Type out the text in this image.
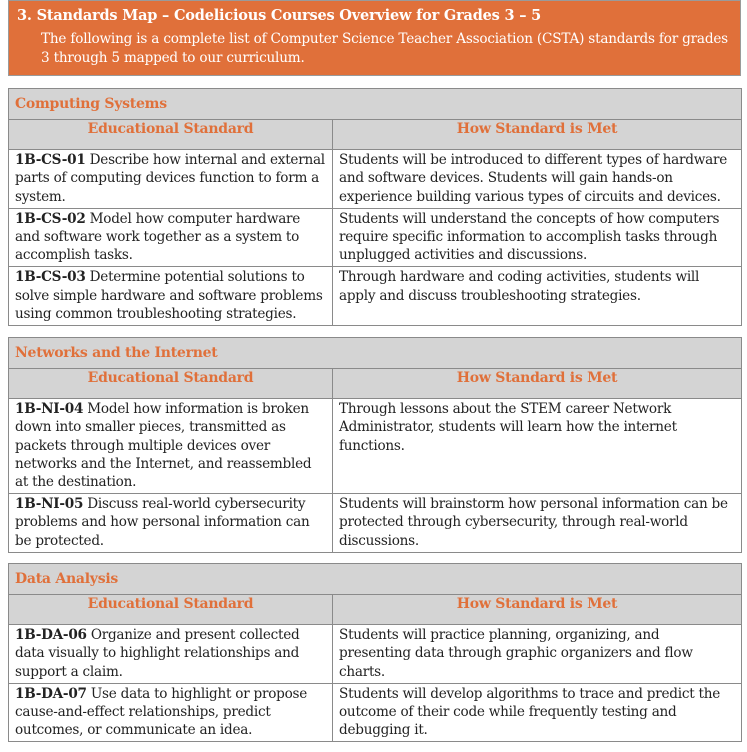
3. Standards Map – Codelicious Courses Overview for Grades 3 – 5
The following is a complete list of Computer Science Teacher Association (CSTA) standards for grades 3 through 5 mapped to our curriculum.
Computing Systems	
Educational Standard	How Standard is Met
1B-CS-01 Describe how internal and external parts of computing devices function to form a system.	Students will be introduced to different types of hardware and software devices. Students will gain hands-on experience building various types of circuits and devices.
1B-CS-02 Model how computer hardware and software work together as a system to accomplish tasks.	Students will understand the concepts of how computers require specific information to accomplish tasks through unplugged activities and discussions.
1B-CS-03 Determine potential solutions to solve simple hardware and software problems using common troubleshooting strategies.	Through hardware and coding activities, students will apply and discuss troubleshooting strategies.
Networks and the Internet	
Educational Standard	How Standard is Met
1B-NI-04 Model how information is broken down into smaller pieces, transmitted as packets through multiple devices over networks and the Internet, and reassembled at the destination.	Through lessons about the STEM career Network Administrator, students will learn how the internet functions.
1B-NI-05 Discuss real-world cybersecurity problems and how personal information can be protected.	Students will brainstorm how personal information can be protected through cybersecurity, through real-world discussions.
Data Analysis	
Educational Standard	How Standard is Met
1B-DA-06 Organize and present collected data visually to highlight relationships and support a claim.	Students will practice planning, organizing, and presenting data through graphic organizers and flow charts.
1B-DA-07 Use data to highlight or propose cause-and-effect relationships, predict outcomes, or communicate an idea.	Students will develop algorithms to trace and predict the outcome of their code while frequently testing and debugging it.
